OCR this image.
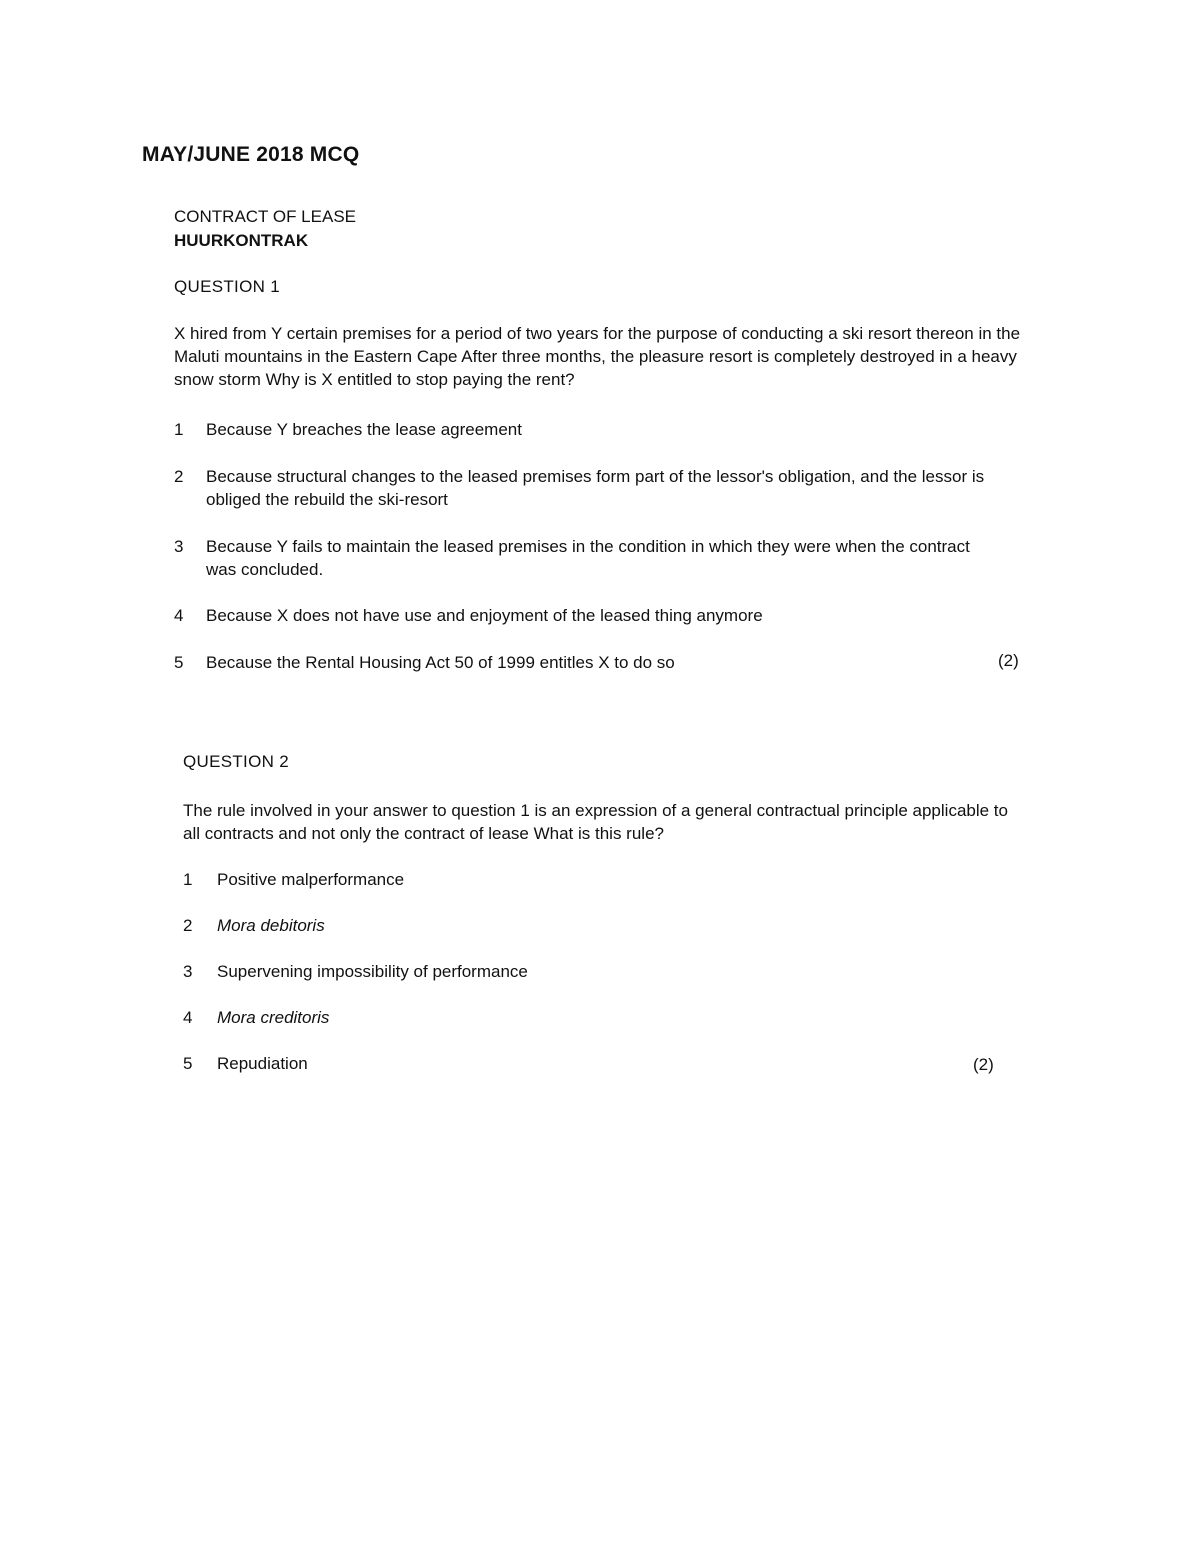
MAY/JUNE 2018 MCQ
CONTRACT OF LEASE
HUURKONTRAK
QUESTION 1
X hired from Y certain premises for a period of two years for the purpose of conducting a ski resort thereon in the Maluti mountains in the Eastern Cape After three months, the pleasure resort is completely destroyed in a heavy snow storm Why is X entitled to stop paying the rent?
1 Because Y breaches the lease agreement
2 Because structural changes to the leased premises form part of the lessor's obligation, and the lessor is obliged the rebuild the ski-resort
3 Because Y fails to maintain the leased premises in the condition in which they were when the contract was concluded.
4 Because X does not have use and enjoyment of the leased thing anymore
5 Because the Rental Housing Act 50 of 1999 entitles X to do so	(2)
QUESTION 2
The rule involved in your answer to question 1 is an expression of a general contractual principle applicable to all contracts and not only the contract of lease What is this rule?
1 Positive malperformance
2 Mora debitoris
3 Supervening impossibility of performance
4 Mora creditoris
5 Repudiation	(2)
